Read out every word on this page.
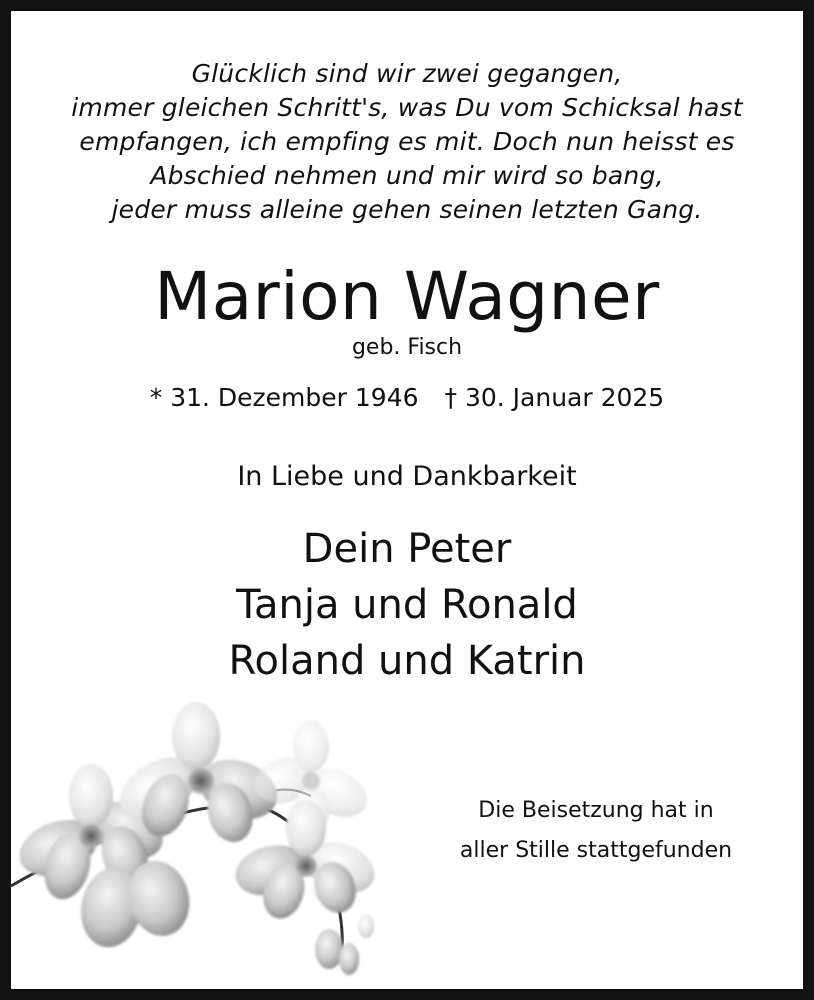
Glücklich sind wir zwei gegangen,
immer gleichen Schritt's, was Du vom Schicksal hast
empfangen, ich empfing es mit. Doch nun heisst es
Abschied nehmen und mir wird so bang,
jeder muss alleine gehen seinen letzten Gang.
Marion Wagner
geb. Fisch
* 31. Dezember 1946 † 30. Januar 2025
In Liebe und Dankbarkeit
Dein Peter
Tanja und Ronald
Roland und Katrin
Die Beisetzung hat in
aller Stille stattgefunden
